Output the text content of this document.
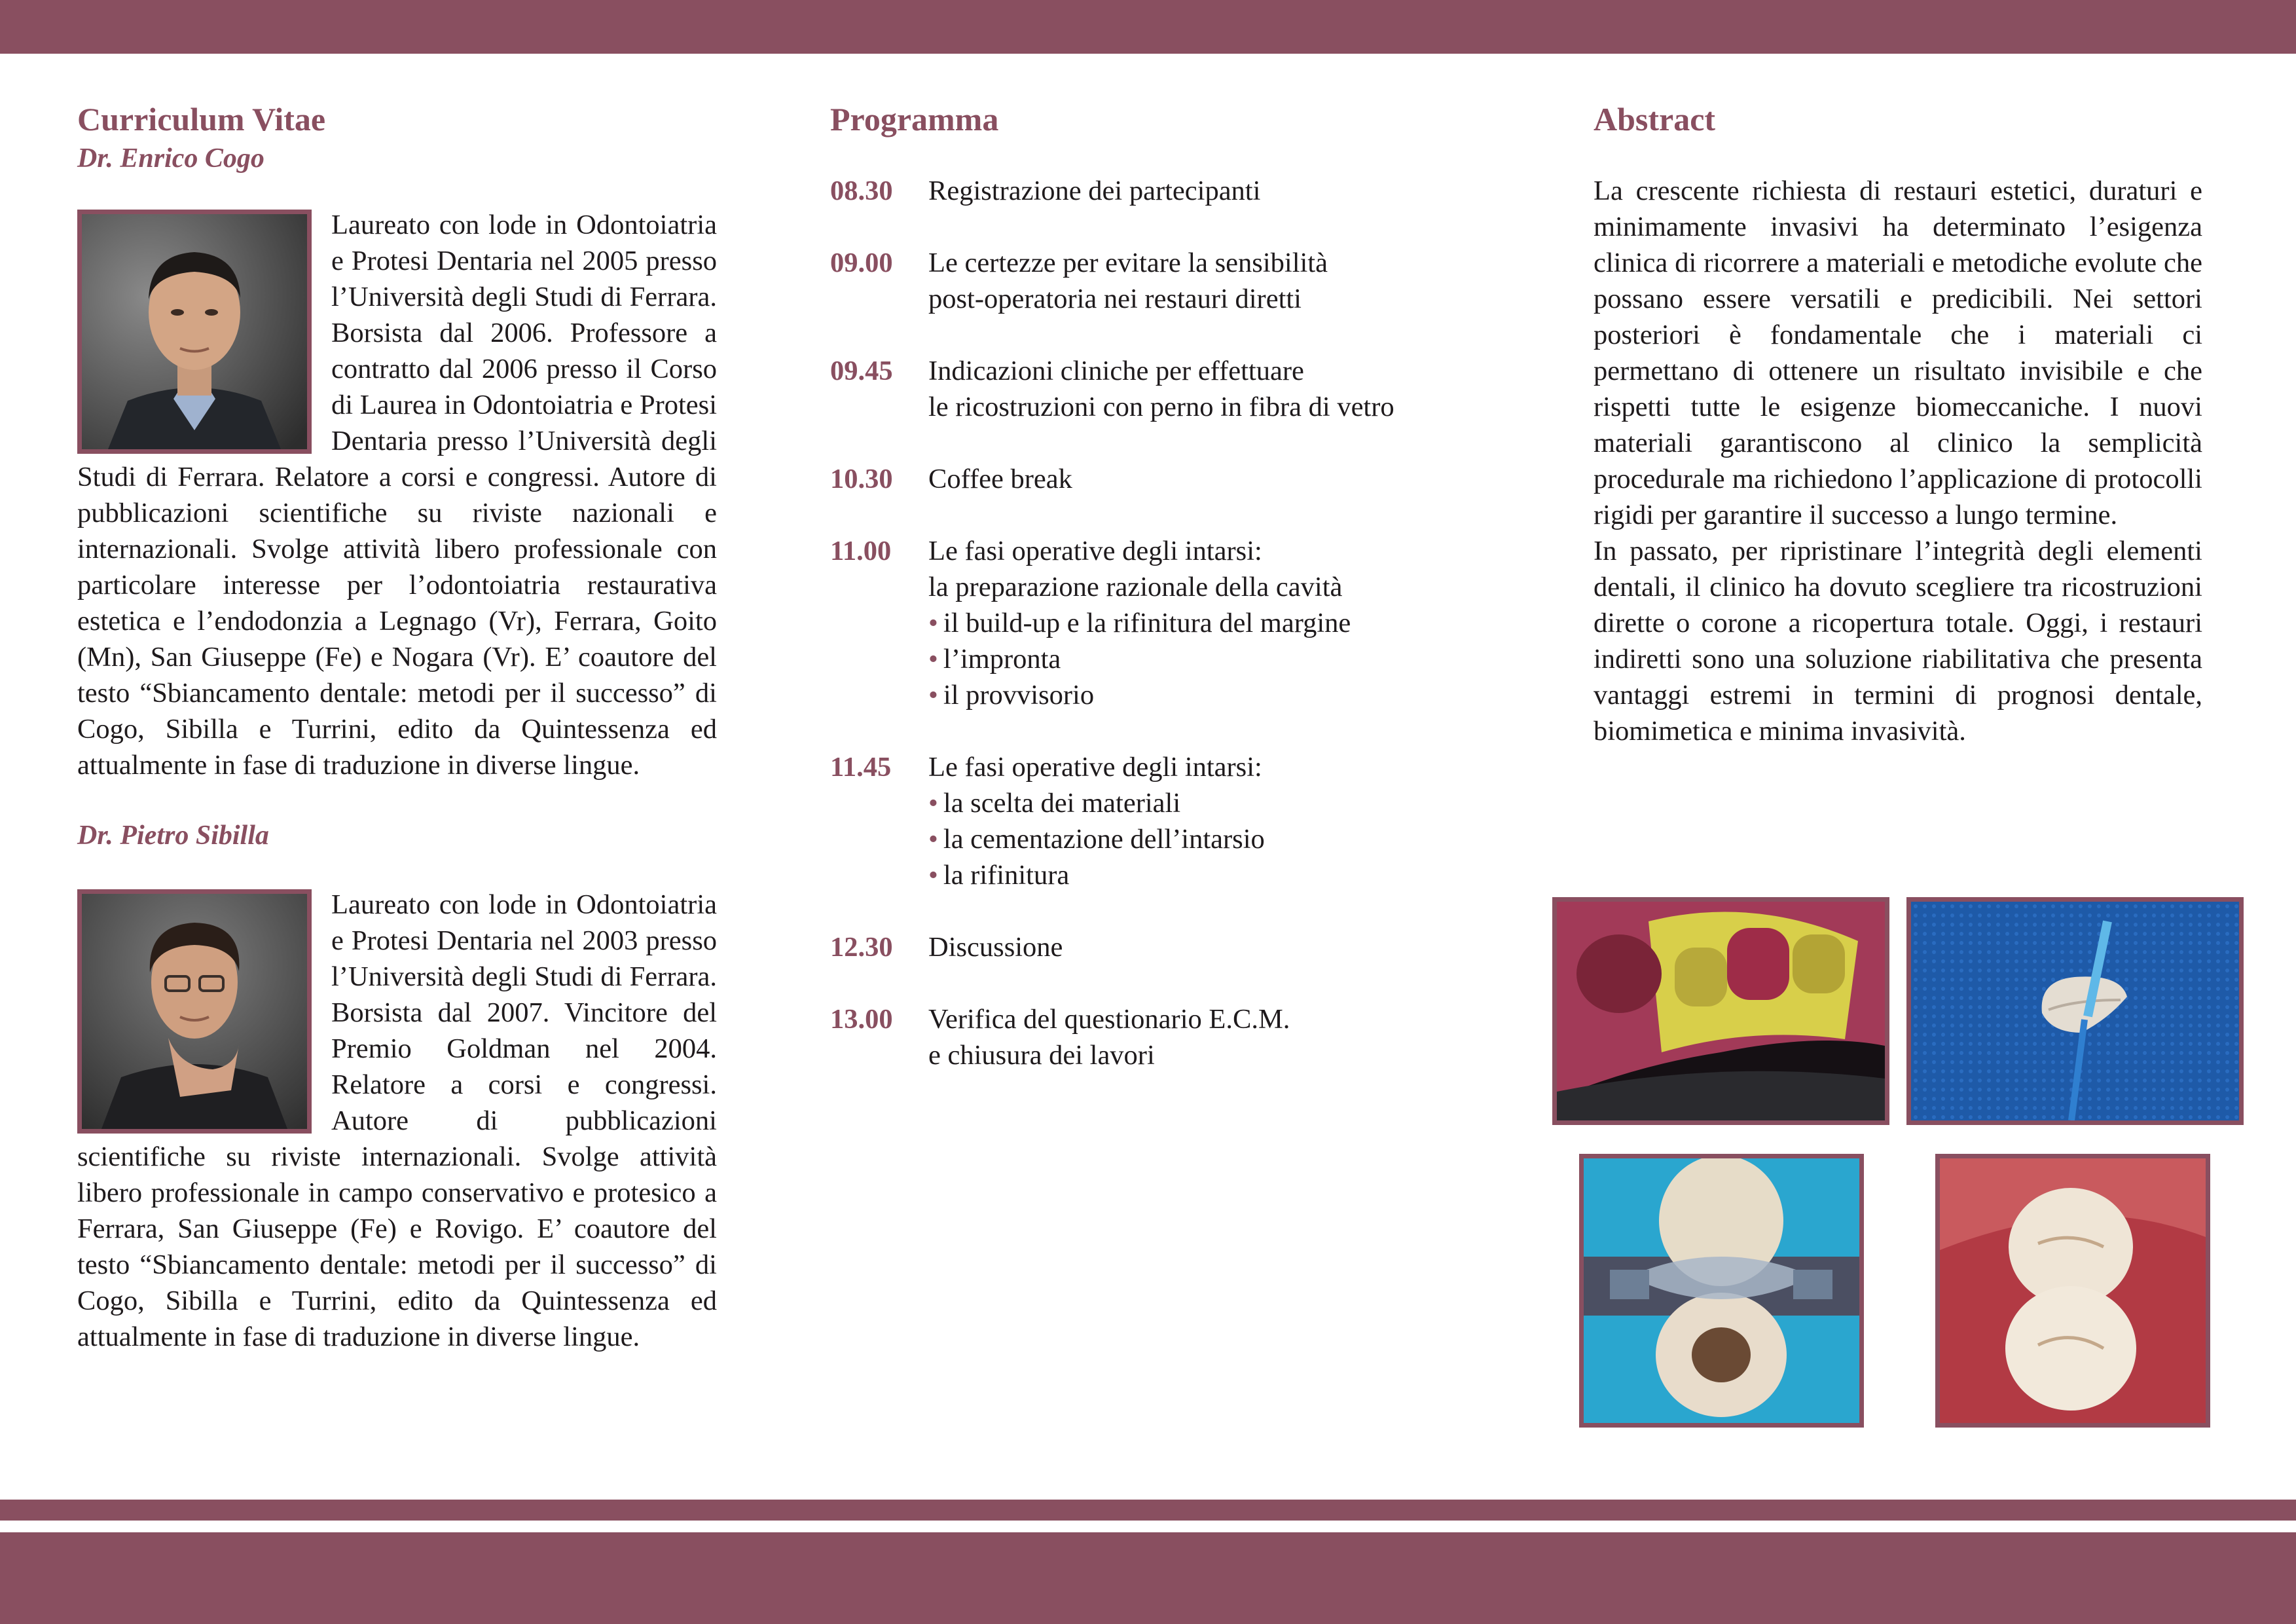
Curriculum Vitae
Dr. Enrico Cogo

Laureato con lode in Odontoiatria e Protesi Dentaria nel 2005 presso l’Università degli Studi di Ferrara. Borsista dal 2006. Professore a contratto dal 2006 presso il Corso di Laurea in Odontoiatria e Protesi Dentaria presso l’Università degli Studi di Ferrara. Relatore a corsi e congressi. Autore di pubblicazioni scientifiche su riviste nazionali e internazionali. Svolge attività libero professionale con particolare interesse per l’odontoiatria restaurativa estetica e l’endodonzia a Legnago (Vr), Ferrara, Goito (Mn), San Giuseppe (Fe) e Nogara (Vr). E’ coautore del testo “Sbiancamento dentale: metodi per il successo” di Cogo, Sibilla e Turrini, edito da Quintessenza ed attualmente in fase di traduzione in diverse lingue.

Dr. Pietro Sibilla

Laureato con lode in Odontoiatria e Protesi Dentaria nel 2003 presso l’Università degli Studi di Ferrara. Borsista dal 2007. Vincitore del Premio Goldman nel 2004. Relatore a corsi e congressi. Autore di pubblicazioni scientifiche su riviste internazionali. Svolge attività libero professionale in campo conservativo e protesico a Ferrara, San Giuseppe (Fe) e Rovigo. E’ coautore del testo “Sbiancamento dentale: metodi per il successo” di Cogo, Sibilla e Turrini, edito da Quintessenza ed attualmente in fase di traduzione in diverse lingue.

Programma
08.30	Registrazione dei partecipanti
09.00	Le certezze per evitare la sensibilità
post-operatoria nei restauri diretti
09.45	Indicazioni cliniche per effettuare
le ricostruzioni con perno in fibra di vetro
10.30	Coffee break
11.00	Le fasi operative degli intarsi:
la preparazione razionale della cavità
• il build-up e la rifinitura del margine
• l’impronta
• il provvisorio
11.45	Le fasi operative degli intarsi:
• la scelta dei materiali
• la cementazione dell’intarsio
• la rifinitura
12.30	Discussione
13.00	Verifica del questionario E.C.M.
e chiusura dei lavori
Abstract

La crescente richiesta di restauri estetici, duraturi e minimamente invasivi ha determinato l’esigenza clinica di ricorrere a materiali e metodiche evolute che possano essere versatili e predicibili. Nei settori posteriori è fondamentale che i materiali ci permettano di ottenere un risultato invisibile e che rispetti tutte le esigenze biomeccaniche. I nuovi materiali garantiscono al clinico la semplicità procedurale ma richiedono l’applicazione di protocolli rigidi per garantire il successo a lungo termine.

In passato, per ripristinare l’integrità degli elementi dentali, il clinico ha dovuto scegliere tra ricostruzioni dirette o corone a ricopertura totale. Oggi, i restauri indiretti sono una soluzione riabilitativa che presenta vantaggi estremi in termini di prognosi dentale, biomimetica e minima invasività.
